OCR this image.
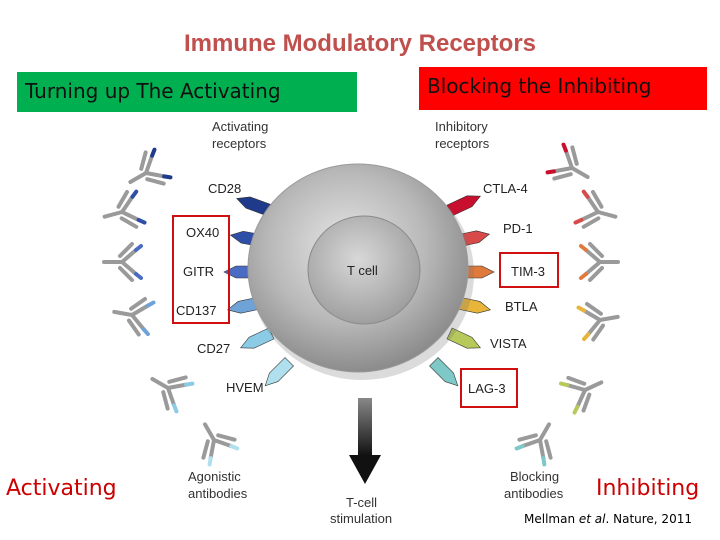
Immune Modulatory Receptors
Turning up The Activating	Blocking the Inhibiting
Activating
receptors
Inhibitory
receptors
T cell
CD28
OX40
GITR
CD137
CD27
HVEM
CTLA-4
PD-1
TIM-3
BTLA
VISTA
LAG-3
Agonistic
antibodies
Blocking
antibodies
T-cell
stimulation
Activating	Inhibiting
Mellman et al. Nature, 2011
